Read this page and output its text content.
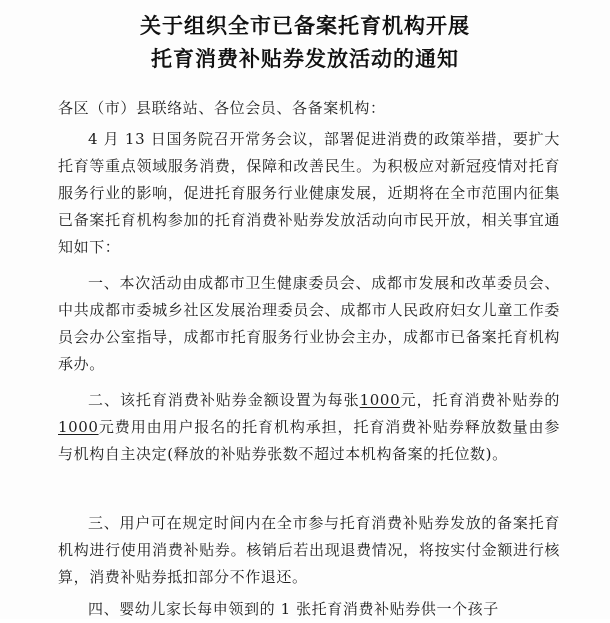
关于组织全市已备案托育机构开展
托育消费补贴券发放活动的通知
各区（市）县联络站、各位会员、各备案机构：
4 月 13 日国务院召开常务会议，部署促进消费的政策举措，要扩大托育等重点领域服务消费，保障和改善民生。为积极应对新冠疫情对托育服务行业的影响，促进托育服务行业健康发展，近期将在全市范围内征集已备案托育机构参加的托育消费补贴券发放活动向市民开放，相关事宜通知如下：
一、本次活动由成都市卫生健康委员会、成都市发展和改革委员会、中共成都市委城乡社区发展治理委员会、成都市人民政府妇女儿童工作委员会办公室指导，成都市托育服务行业协会主办，成都市已备案托育机构承办。
二、该托育消费补贴券金额设置为每张1000元，托育消费补贴券的1000元费用由用户报名的托育机构承担，托育消费补贴券释放数量由参与机构自主决定(释放的补贴券张数不超过本机构备案的托位数)。
三、用户可在规定时间内在全市参与托育消费补贴券发放的备案托育机构进行使用消费补贴券。核销后若出现退费情况，将按实付金额进行核算，消费补贴券抵扣部分不作退还。
四、婴幼儿家长每申领到的 1 张托育消费补贴券供一个孩子
